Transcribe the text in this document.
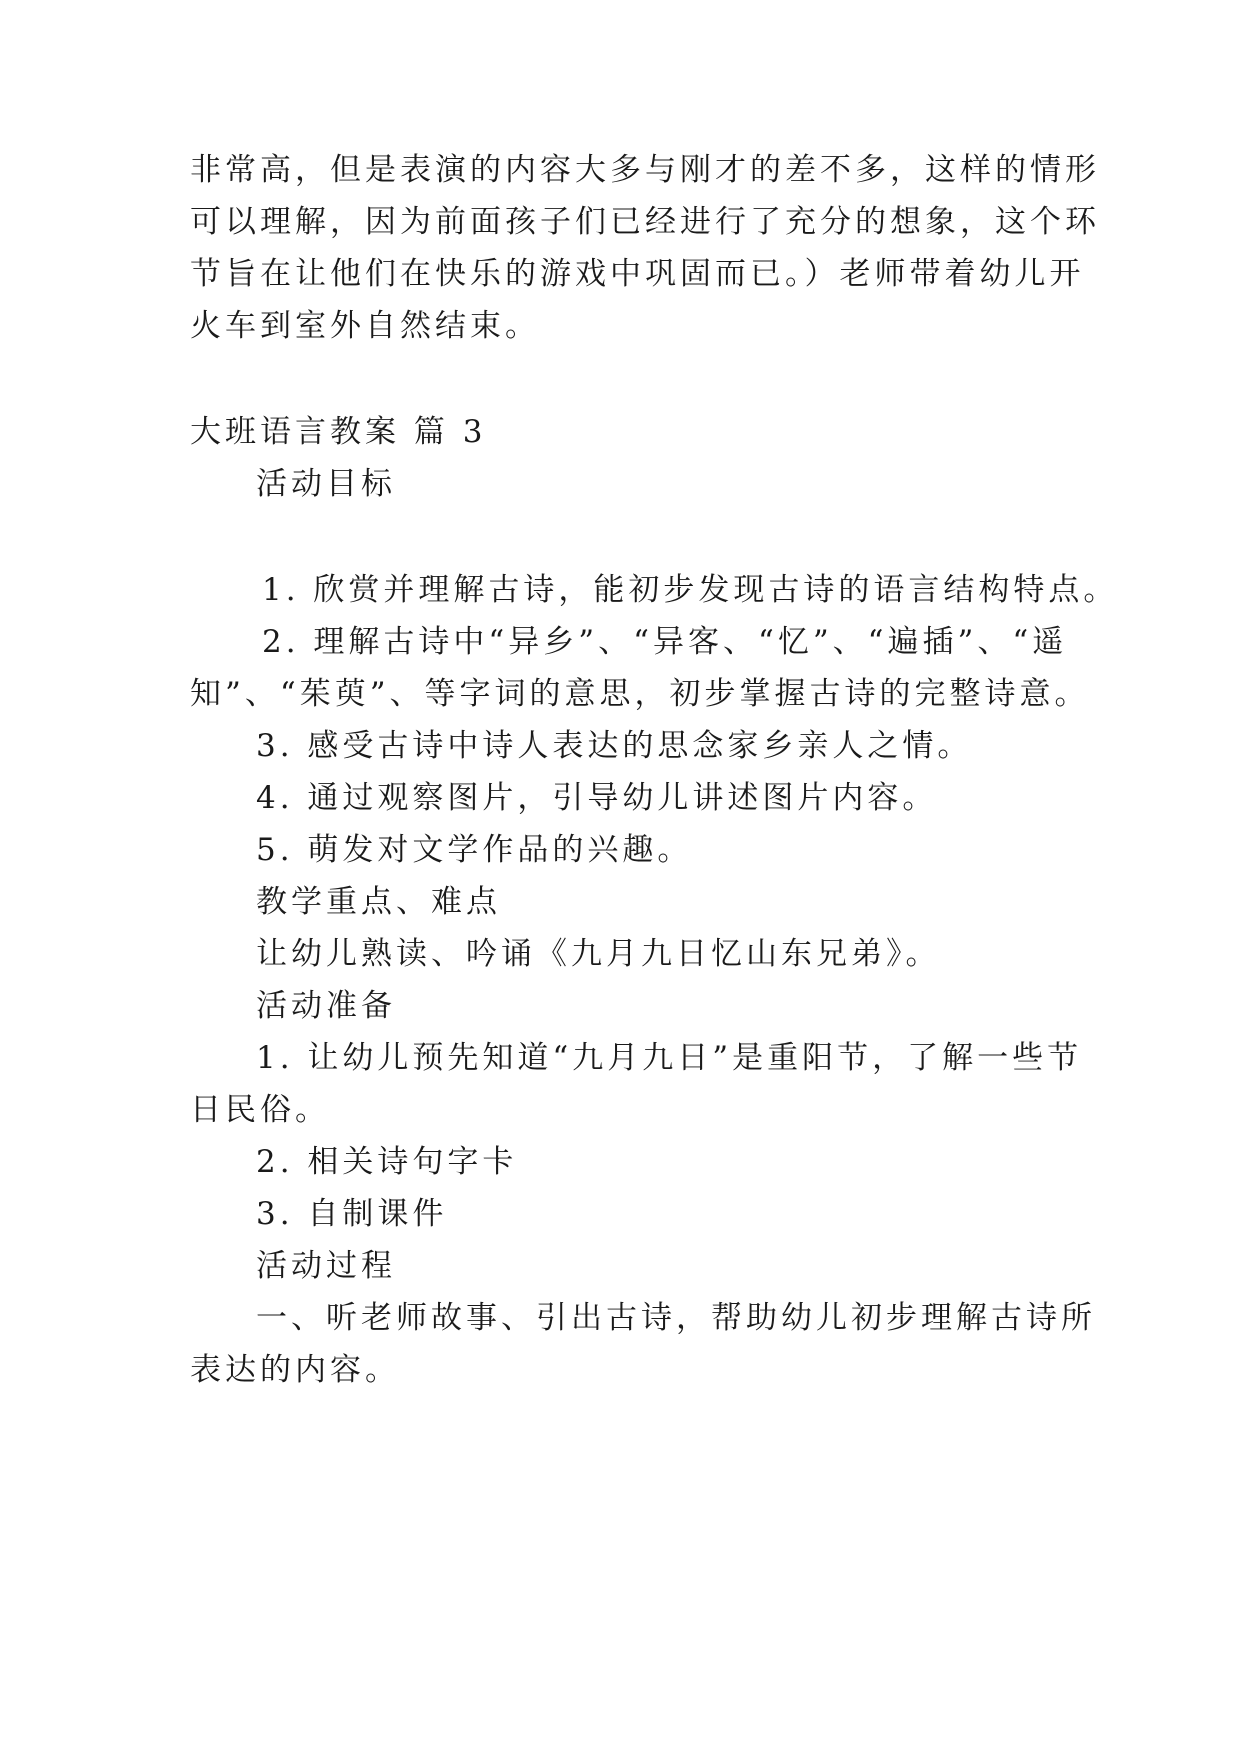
非常高，但是表演的内容大多与刚才的差不多，这样的情形

可以理解，因为前面孩子们已经进行了充分的想象，这个环

节旨在让他们在快乐的游戏中巩固而已。）老师带着幼儿开

火车到室外自然结束。

大班语言教案 篇 3

活动目标

1. 欣赏并理解古诗，能初步发现古诗的语言结构特点。

2. 理解古诗中“异乡”、“异客、“忆”、“遍插”、“遥

知”、“茱萸”、等字词的意思，初步掌握古诗的完整诗意。

3. 感受古诗中诗人表达的思念家乡亲人之情。

4. 通过观察图片，引导幼儿讲述图片内容。

5. 萌发对文学作品的兴趣。

教学重点、难点

让幼儿熟读、吟诵《九月九日忆山东兄弟》。

活动准备

1. 让幼儿预先知道“九月九日”是重阳节，了解一些节

日民俗。

2. 相关诗句字卡

3. 自制课件

活动过程

一、听老师故事、引出古诗，帮助幼儿初步理解古诗所

表达的内容。
